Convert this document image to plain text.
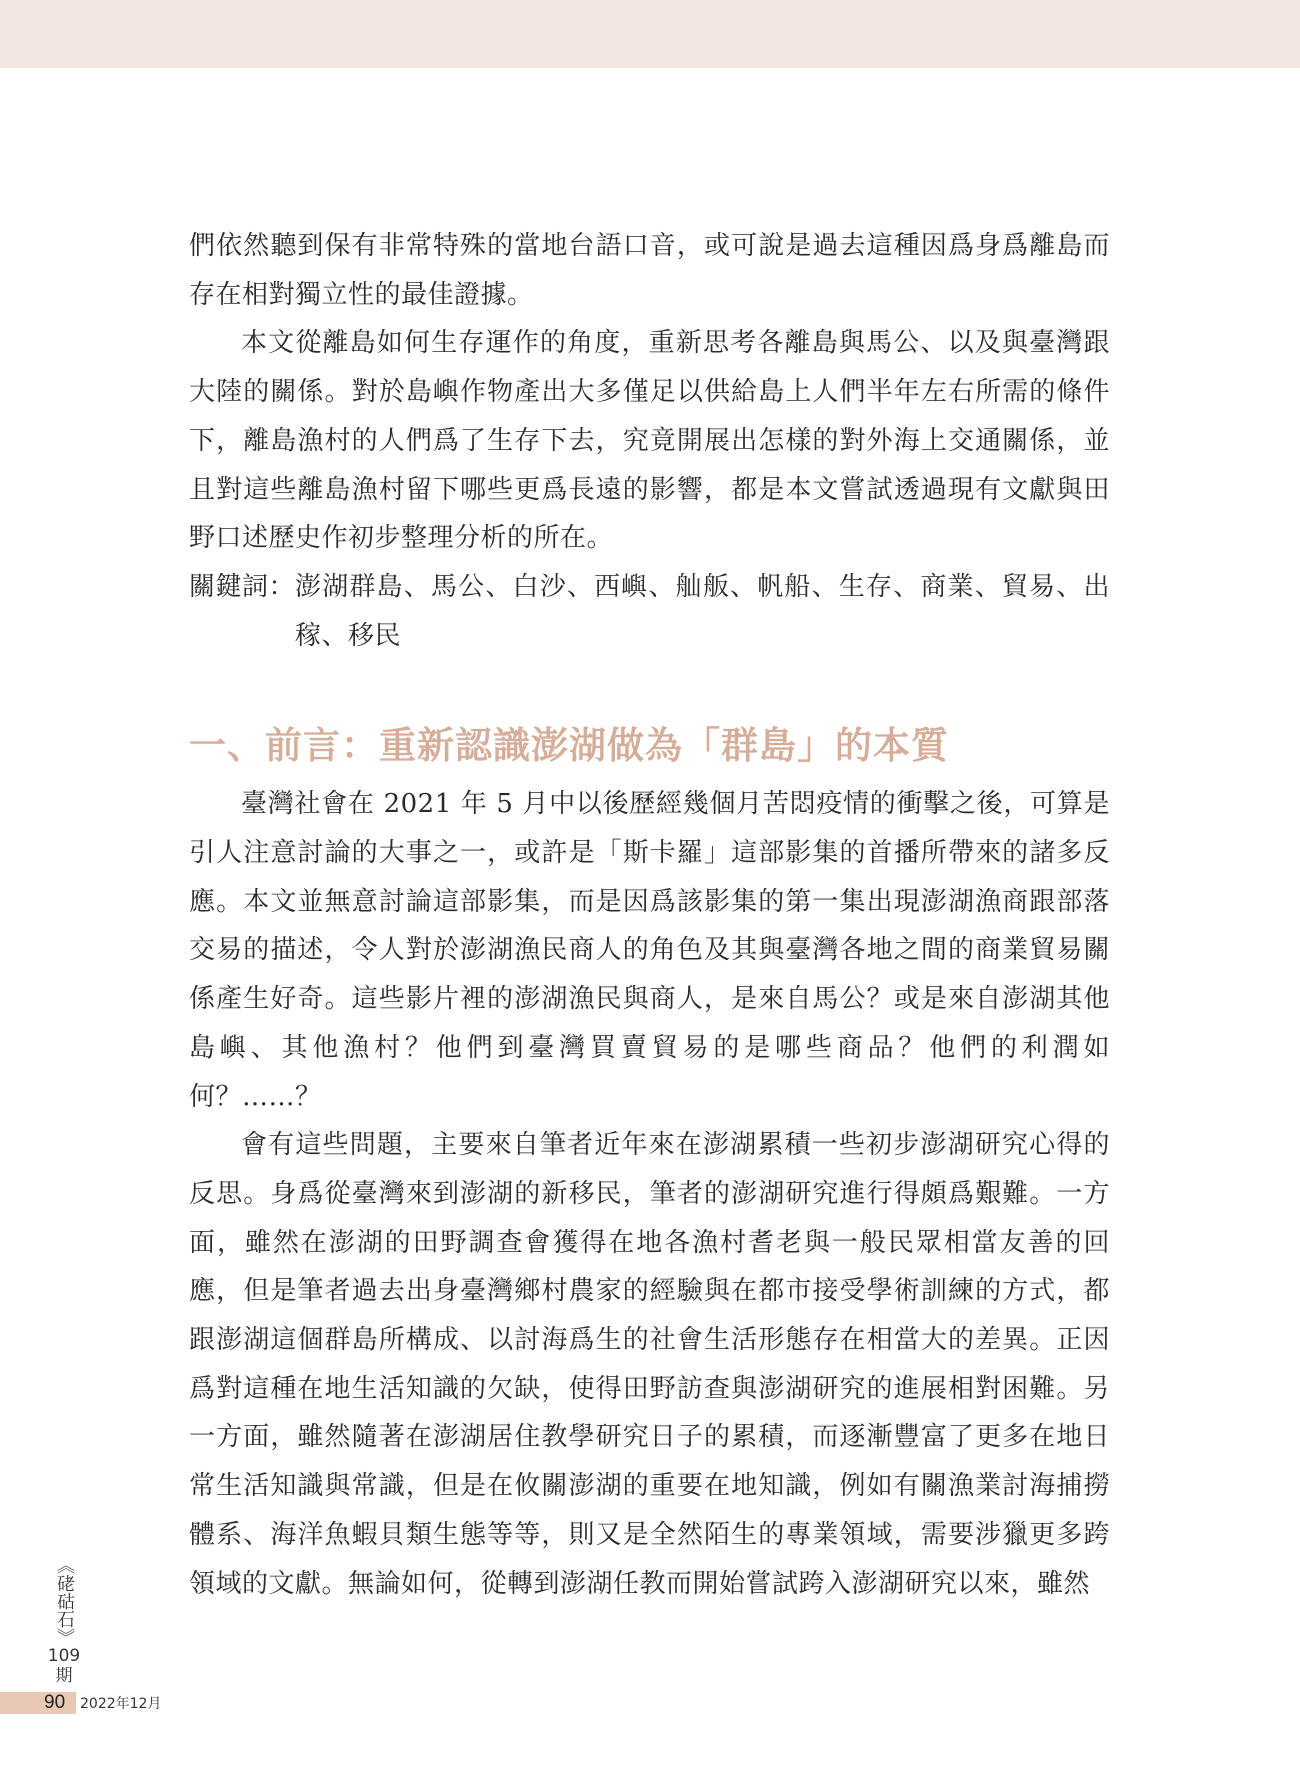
們依然聽到保有非常特殊的當地台語口音，或可說是過去這種因爲身爲離島而存在相對獨立性的最佳證據。

本文從離島如何生存運作的角度，重新思考各離島與馬公、以及與臺灣跟大陸的關係。對於島嶼作物產出大多僅足以供給島上人們半年左右所需的條件下，離島漁村的人們爲了生存下去，究竟開展出怎樣的對外海上交通關係，並且對這些離島漁村留下哪些更爲長遠的影響，都是本文嘗試透過現有文獻與田野口述歷史作初步整理分析的所在。

關鍵詞： 澎湖群島、馬公、白沙、西嶼、舢舨、帆船、生存、商業、貿易、出稼、移民
一、前言：重新認識澎湖做為「群島」的本質

臺灣社會在 2021 年 5 月中以後歷經幾個月苦悶疫情的衝擊之後，可算是引人注意討論的大事之一，或許是「斯卡羅」這部影集的首播所帶來的諸多反應。本文並無意討論這部影集，而是因爲該影集的第一集出現澎湖漁商跟部落交易的描述，令人對於澎湖漁民商人的角色及其與臺灣各地之間的商業貿易關係產生好奇。這些影片裡的澎湖漁民與商人，是來自馬公？或是來自澎湖其他島嶼、其他漁村？他們到臺灣買賣貿易的是哪些商品？他們的利潤如何？……？

會有這些問題，主要來自筆者近年來在澎湖累積一些初步澎湖研究心得的反思。身爲從臺灣來到澎湖的新移民，筆者的澎湖研究進行得頗爲艱難。一方面，雖然在澎湖的田野調查會獲得在地各漁村耆老與一般民眾相當友善的回應，但是筆者過去出身臺灣鄉村農家的經驗與在都市接受學術訓練的方式，都跟澎湖這個群島所構成、以討海爲生的社會生活形態存在相當大的差異。正因爲對這種在地生活知識的欠缺，使得田野訪查與澎湖研究的進展相對困難。另一方面，雖然隨著在澎湖居住教學研究日子的累積，而逐漸豐富了更多在地日常生活知識與常識，但是在攸關澎湖的重要在地知識，例如有關漁業討海捕撈體系、海洋魚蝦貝類生態等等，則又是全然陌生的專業領域，需要涉獵更多跨領域的文獻。無論如何，從轉到澎湖任教而開始嘗試跨入澎湖研究以來，雖然

《硓𥑮石》
109
期
90 2022年12月
